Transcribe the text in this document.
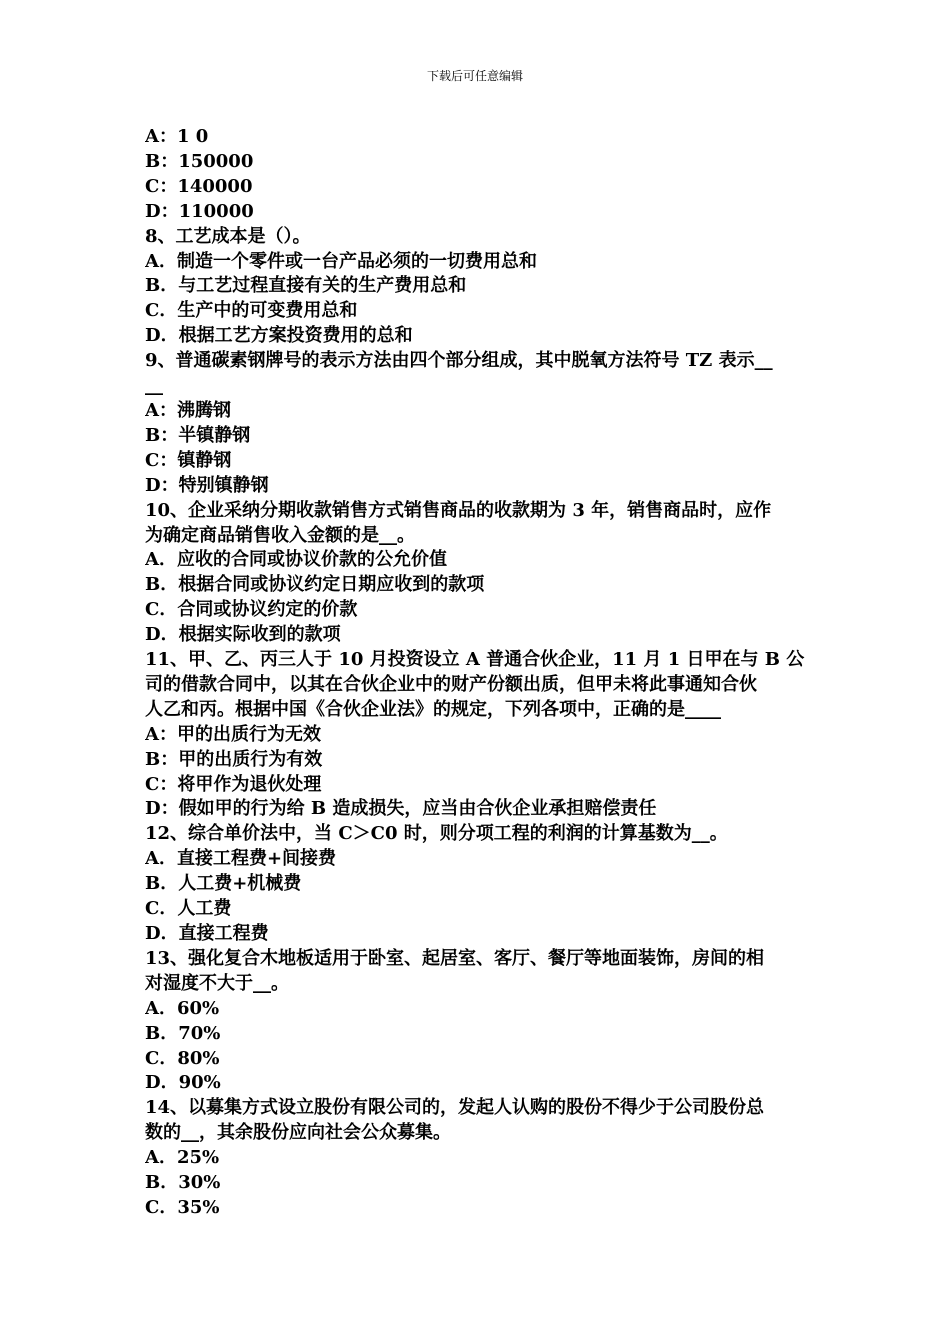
下载后可任意编辑
A：1 0
B：150000
C：140000
D：110000
8、工艺成本是（）。
A．制造一个零件或一台产品必须的一切费用总和
B．与工艺过程直接有关的生产费用总和
C．生产中的可变费用总和
D．根据工艺方案投资费用的总和
9、普通碳素钢牌号的表示方法由四个部分组成，其中脱氧方法符号 TZ 表示__
__
A：沸腾钢
B：半镇静钢
C：镇静钢
D：特别镇静钢
10、企业采纳分期收款销售方式销售商品的收款期为 3 年，销售商品时，应作
为确定商品销售收入金额的是__。
A．应收的合同或协议价款的公允价值
B．根据合同或协议约定日期应收到的款项
C．合同或协议约定的价款
D．根据实际收到的款项
11、甲、乙、丙三人于 10 月投资设立 A 普通合伙企业，11 月 1 日甲在与 B 公
司的借款合同中，以其在合伙企业中的财产份额出质，但甲未将此事通知合伙
人乙和丙。根据中国《合伙企业法》的规定，下列各项中，正确的是____
A：甲的出质行为无效
B：甲的出质行为有效
C：将甲作为退伙处理
D：假如甲的行为给 B 造成损失，应当由合伙企业承担赔偿责任
12、综合单价法中，当 C＞C0 时，则分项工程的利润的计算基数为__。
A．直接工程费+间接费
B．人工费+机械费
C．人工费
D．直接工程费
13、强化复合木地板适用于卧室、起居室、客厅、餐厅等地面装饰，房间的相
对湿度不大于__。
A．60%
B．70%
C．80%
D．90%
14、以募集方式设立股份有限公司的，发起人认购的股份不得少于公司股份总
数的__，其余股份应向社会公众募集。
A．25%
B．30%
C．35%
